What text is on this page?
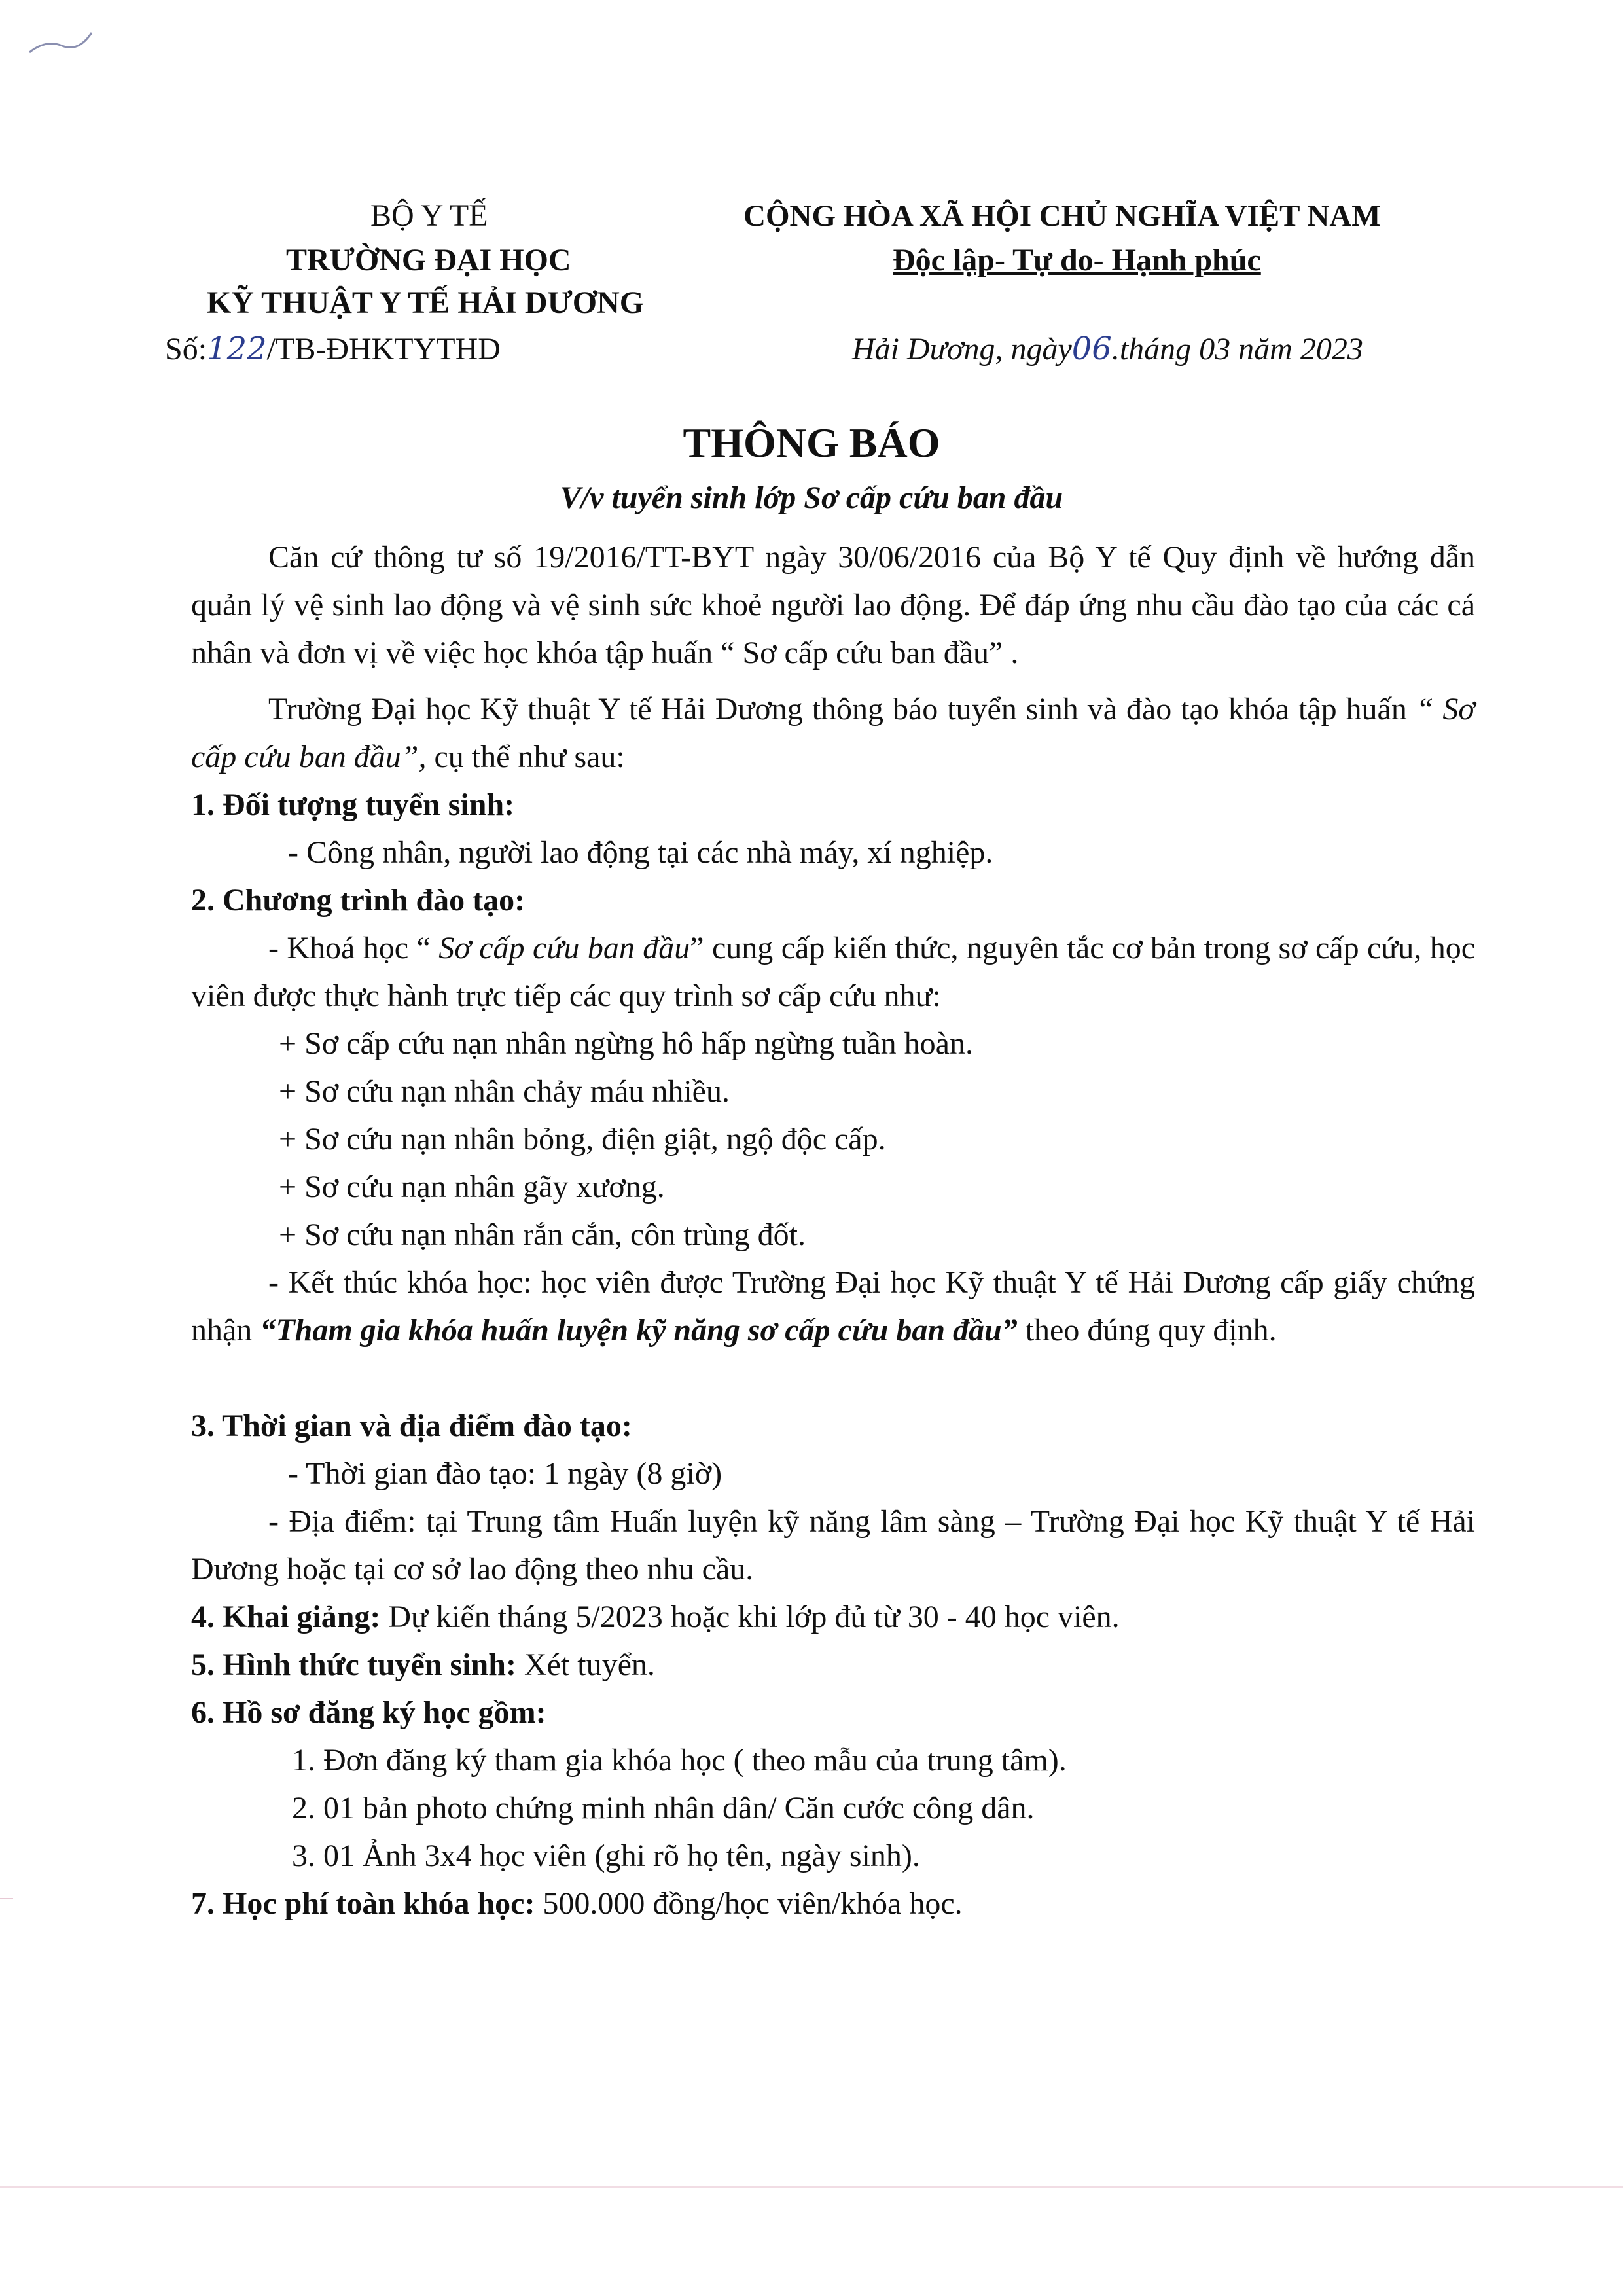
BỘ Y TẾ
TRƯỜNG ĐẠI HỌC
KỸ THUẬT Y TẾ HẢI DƯƠNG
Số:122/TB-ĐHKTYTHD
CỘNG HÒA XÃ HỘI CHỦ NGHĨA VIỆT NAM
Độc lập- Tự do- Hạnh phúc
Hải Dương, ngày06.tháng 03 năm 2023
THÔNG BÁO
V/v tuyển sinh lớp Sơ cấp cứu ban đầu
Căn cứ thông tư số 19/2016/TT-BYT ngày 30/06/2016 của Bộ Y tế Quy định về hướng dẫn quản lý vệ sinh lao động và vệ sinh sức khoẻ người lao động. Để đáp ứng nhu cầu đào tạo của các cá nhân và đơn vị về việc học khóa tập huấn “ Sơ cấp cứu ban đầu” .
Trường Đại học Kỹ thuật Y tế Hải Dương thông báo tuyển sinh và đào tạo khóa tập huấn “ Sơ cấp cứu ban đầu”, cụ thể như sau:
1. Đối tượng tuyển sinh:
- Công nhân, người lao động tại các nhà máy, xí nghiệp.
2. Chương trình đào tạo:
- Khoá học “ Sơ cấp cứu ban đầu” cung cấp kiến thức, nguyên tắc cơ bản trong sơ cấp cứu, học viên được thực hành trực tiếp các quy trình sơ cấp cứu như:
+ Sơ cấp cứu nạn nhân ngừng hô hấp ngừng tuần hoàn.
+ Sơ cứu nạn nhân chảy máu nhiều.
+ Sơ cứu nạn nhân bỏng, điện giật, ngộ độc cấp.
+ Sơ cứu nạn nhân gãy xương.
+ Sơ cứu nạn nhân rắn cắn, côn trùng đốt.
- Kết thúc khóa học: học viên được Trường Đại học Kỹ thuật Y tế Hải Dương cấp giấy chứng nhận “Tham gia khóa huấn luyện kỹ năng sơ cấp cứu ban đầu” theo đúng quy định.
3. Thời gian và địa điểm đào tạo:
- Thời gian đào tạo: 1 ngày (8 giờ)
- Địa điểm: tại Trung tâm Huấn luyện kỹ năng lâm sàng – Trường Đại học Kỹ thuật Y tế Hải Dương hoặc tại cơ sở lao động theo nhu cầu.
4. Khai giảng: Dự kiến tháng 5/2023 hoặc khi lớp đủ từ 30 - 40 học viên.
5. Hình thức tuyển sinh: Xét tuyển.
6. Hồ sơ đăng ký học gồm:
1. Đơn đăng ký tham gia khóa học ( theo mẫu của trung tâm).
2. 01 bản photo chứng minh nhân dân/ Căn cước công dân.
3. 01 Ảnh 3x4 học viên (ghi rõ họ tên, ngày sinh).
7. Học phí toàn khóa học: 500.000 đồng/học viên/khóa học.
